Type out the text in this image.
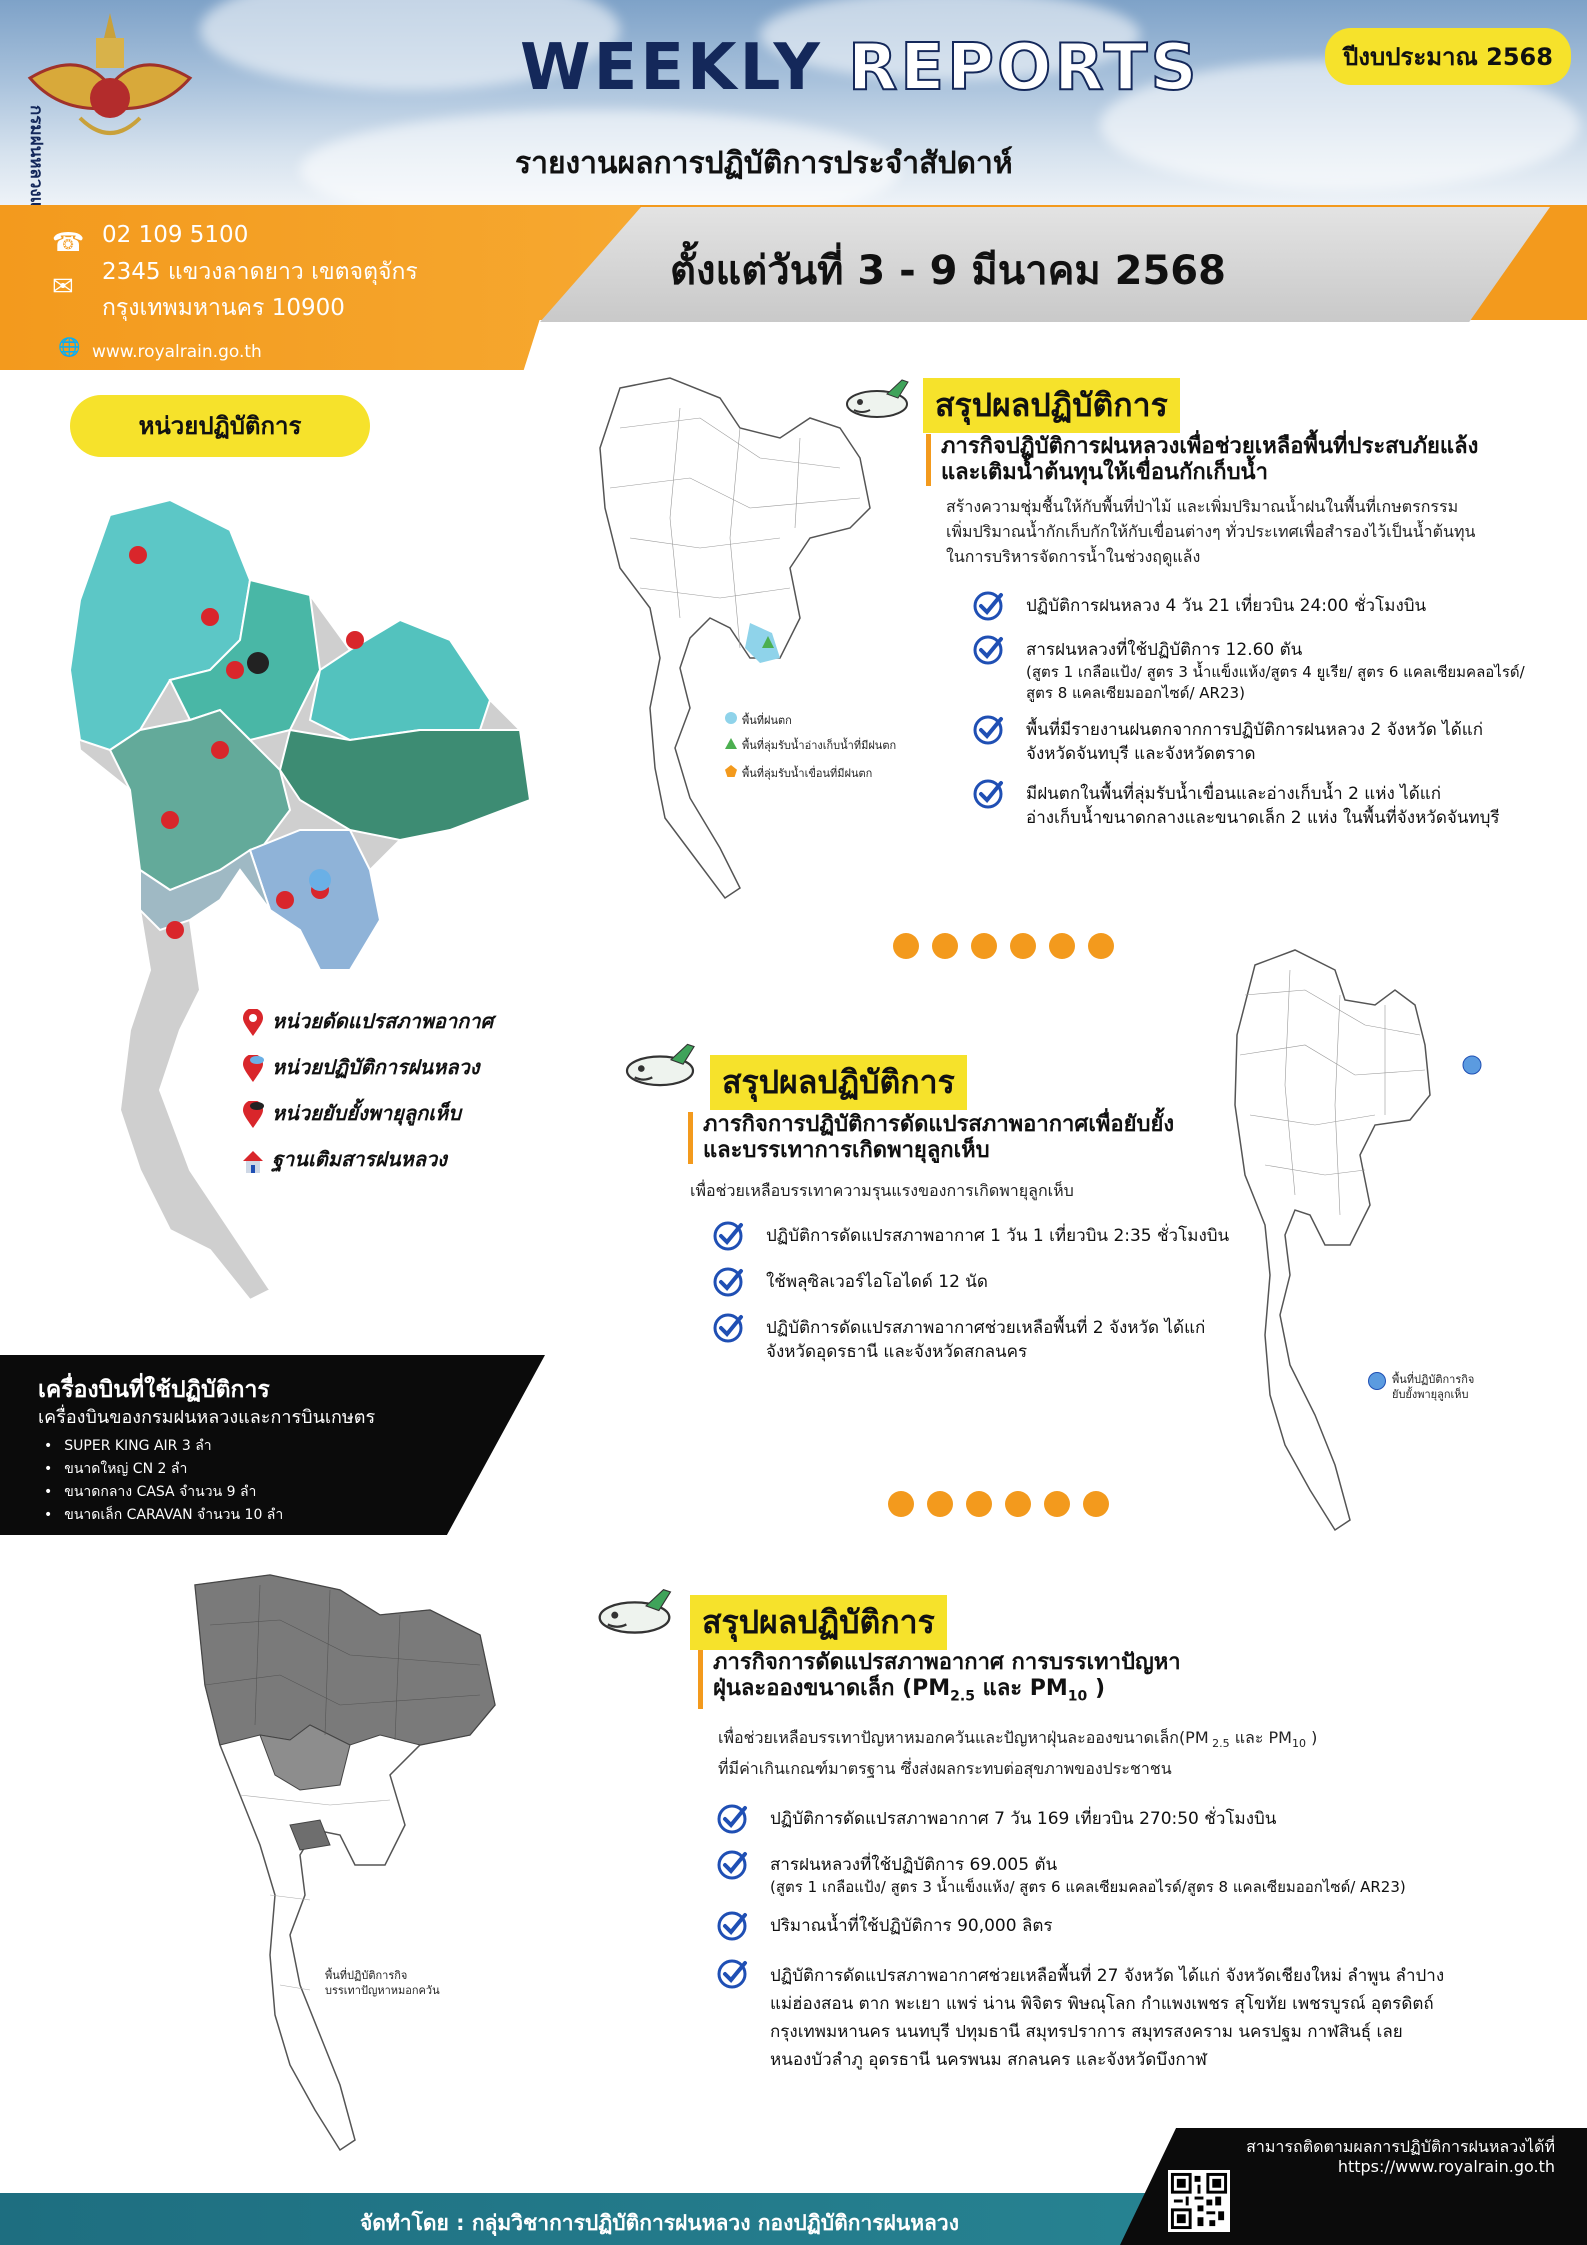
WEEKLY REPORTS
รายงานผลการปฏิบัติการประจำสัปดาห์
ปีงบประมาณ 2568
ตั้งแต่วันที่ 3 - 9 มีนาคม 2568
☎ 02 109 5100
✉ 2345 แขวงลาดยาว เขตจตุจักร
กรุงเทพมหานคร 10900
🌐 www.royalrain.go.th
หน่วยปฏิบัติการ
หน่วยดัดแปรสภาพอากาศ
หน่วยปฏิบัติการฝนหลวง
หน่วยยับยั้งพายุลูกเห็บ
ฐานเติมสารฝนหลวง
เครื่องบินที่ใช้ปฏิบัติการ
เครื่องบินของกรมฝนหลวงและการบินเกษตร
• SUPER KING AIR 3 ลำ
• ขนาดใหญ่ CN 2 ลำ
• ขนาดกลาง CASA จำนวน 9 ลำ
• ขนาดเล็ก CARAVAN จำนวน 10 ลำ
พื้นที่ฝนตก
พื้นที่ลุ่มรับน้ำอ่างเก็บน้ำที่มีฝนตก
พื้นที่ลุ่มรับน้ำเขื่อนที่มีฝนตก
สรุปผลปฏิบัติการ
ภารกิจปฏิบัติการฝนหลวงเพื่อช่วยเหลือพื้นที่ประสบภัยแล้ง
และเติมน้ำต้นทุนให้เขื่อนกักเก็บน้ำ
สร้างความชุ่มชื้นให้กับพื้นที่ป่าไม้ และเพิ่มปริมาณน้ำฝนในพื้นที่เกษตรกรรม
เพิ่มปริมาณน้ำกักเก็บกักให้กับเขื่อนต่างๆ ทั่วประเทศเพื่อสำรองไว้เป็นน้ำต้นทุน
ในการบริหารจัดการน้ำในช่วงฤดูแล้ง
ปฏิบัติการฝนหลวง 4 วัน 21 เที่ยวบิน 24:00 ชั่วโมงบิน
สารฝนหลวงที่ใช้ปฏิบัติการ 12.60 ตัน
(สูตร 1 เกลือแป้ง/ สูตร 3 น้ำแข็งแห้ง/สูตร 4 ยูเรีย/ สูตร 6 แคลเซียมคลอไรด์/
สูตร 8 แคลเซียมออกไซด์/ AR23)
พื้นที่มีรายงานฝนตกจากการปฏิบัติการฝนหลวง 2 จังหวัด ได้แก่
จังหวัดจันทบุรี และจังหวัดตราด
มีฝนตกในพื้นที่ลุ่มรับน้ำเขื่อนและอ่างเก็บน้ำ 2 แห่ง ได้แก่
อ่างเก็บน้ำขนาดกลางและขนาดเล็ก 2 แห่ง ในพื้นที่จังหวัดจันทบุรี
พื้นที่ปฏิบัติการกิจ
ยับยั้งพายุลูกเห็บ
สรุปผลปฏิบัติการ
ภารกิจการปฏิบัติการดัดแปรสภาพอากาศเพื่อยับยั้ง
และบรรเทาการเกิดพายุลูกเห็บ
เพื่อช่วยเหลือบรรเทาความรุนแรงของการเกิดพายุลูกเห็บ
ปฏิบัติการดัดแปรสภาพอากาศ 1 วัน 1 เที่ยวบิน 2:35 ชั่วโมงบิน
ใช้พลุซิลเวอร์ไอโอไดด์ 12 นัด
ปฏิบัติการดัดแปรสภาพอากาศช่วยเหลือพื้นที่ 2 จังหวัด ได้แก่
จังหวัดอุดรธานี และจังหวัดสกลนคร
พื้นที่ปฏิบัติการกิจ
บรรเทาปัญหาหมอกควัน
สรุปผลปฏิบัติการ
ภารกิจการดัดแปรสภาพอากาศ การบรรเทาปัญหา
ฝุ่นละอองขนาดเล็ก ($PM_{2.5}$ และ $PM_{10}$ )
เพื่อช่วยเหลือบรรเทาปัญหาหมอกควันและปัญหาฝุ่นละอองขนาดเล็ก(PM $_{2.5}$ และ $PM_{10}$ )
ที่มีค่าเกินเกณฑ์มาตรฐาน ซึ่งส่งผลกระทบต่อสุขภาพของประชาชน
ปฏิบัติการดัดแปรสภาพอากาศ 7 วัน 169 เที่ยวบิน 270:50 ชั่วโมงบิน
สารฝนหลวงที่ใช้ปฏิบัติการ 69.005 ตัน
(สูตร 1 เกลือแป้ง/ สูตร 3 น้ำแข็งแห้ง/ สูตร 6 แคลเซียมคลอไรด์/สูตร 8 แคลเซียมออกไซด์/ AR23)
ปริมาณน้ำที่ใช้ปฏิบัติการ 90,000 ลิตร
ปฏิบัติการดัดแปรสภาพอากาศช่วยเหลือพื้นที่ 27 จังหวัด ได้แก่ จังหวัดเชียงใหม่ ลำพูน ลำปาง
แม่ฮ่องสอน ตาก พะเยา แพร่ น่าน พิจิตร พิษณุโลก กำแพงเพชร สุโขทัย เพชรบูรณ์ อุตรดิตถ์
กรุงเทพมหานคร นนทบุรี ปทุมธานี สมุทรปราการ สมุทรสงคราม นครปฐม กาฬสินธุ์ เลย
หนองบัวลำภู อุดรธานี นครพนม สกลนคร และจังหวัดบึงกาฬ
จัดทำโดย : กลุ่มวิชาการปฏิบัติการฝนหลวง กองปฏิบัติการฝนหลวง
สามารถติดตามผลการปฏิบัติการฝนหลวงได้ที่
https://www.royalrain.go.th
